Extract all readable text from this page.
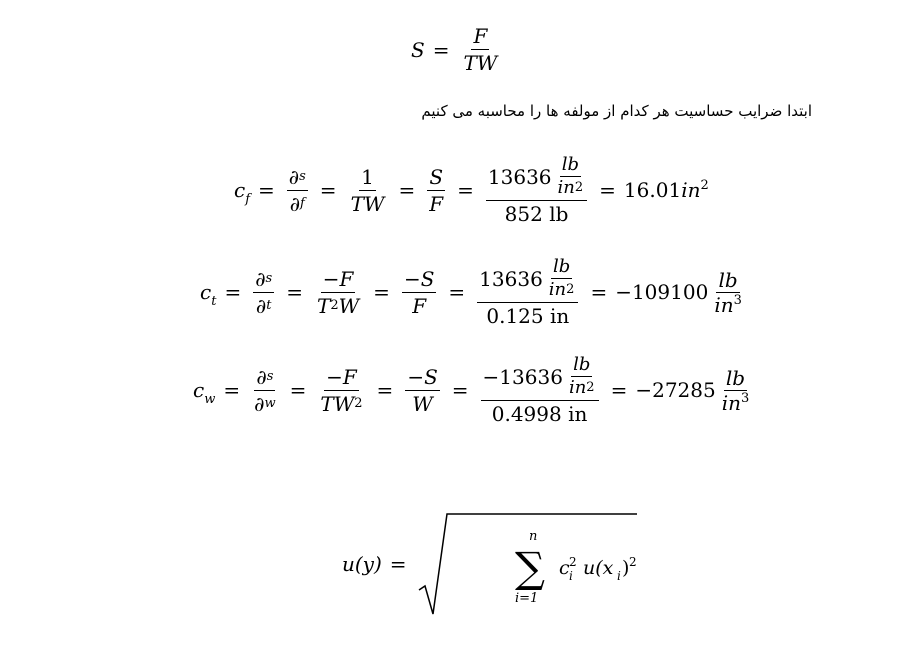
$S = \frac{F}{TW}$
ابتدا ضرایب حساسیت هر کدام از مولفه ها را محاسبه می کنیم
$c_f = \frac{\partial s}{\partial f} = \frac{1}{TW} = \frac{S}{F} = \frac{13636 \frac{lb}{in 2}}{852 lb} = 16.01in^2$
$c_t = \frac{\partial s}{\partial t} = \frac{-F}{T 2 W} = \frac{-S}{F} = \frac{13636 \frac{lb}{in 2}}{0.125 in} = -109100 \frac{lb}{in^3}$
$c_w = \frac{\partial s}{\partial w} = \frac{-F}{TW 2} = \frac{-S}{W} = \frac{-13636 \frac{lb}{in 2}}{0.4998 in} = -27285 \frac{lb}{in^3}$
u(y) =
n
∑
i=1
c 2
i u(x i ) 2
